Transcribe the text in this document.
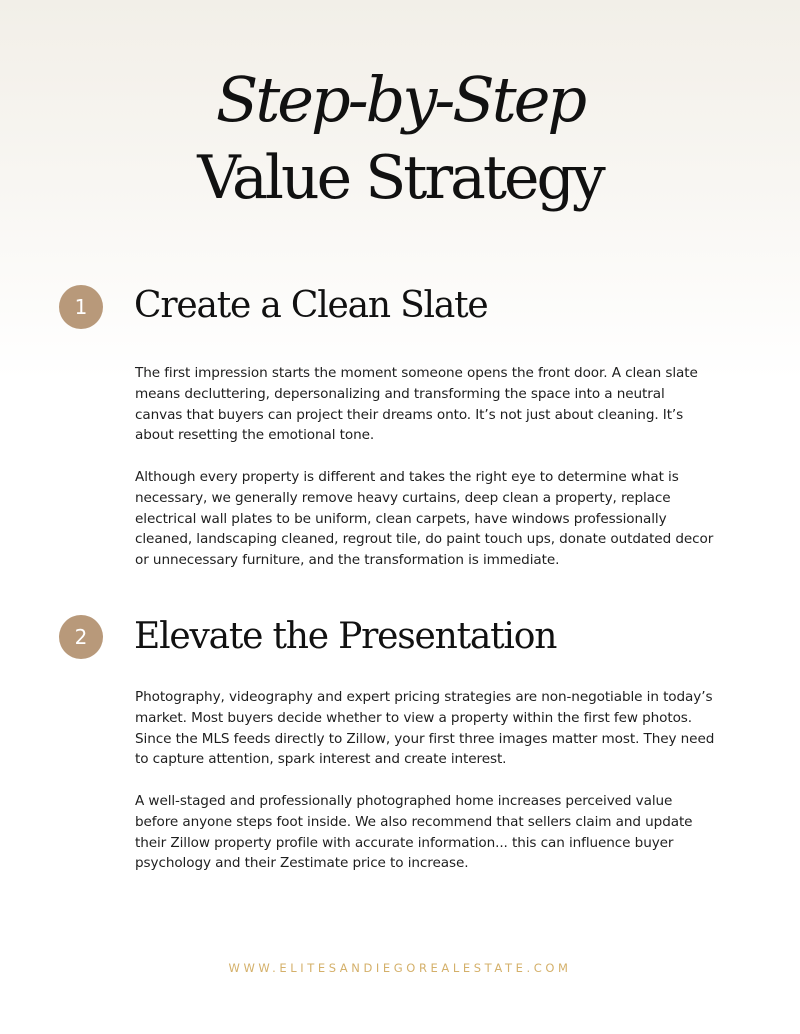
Step-by-Step
Value Strategy
1	Create a Clean Slate

The first impression starts the moment someone opens the front door. A clean slate means decluttering, depersonalizing and transforming the space into a neutral canvas that buyers can project their dreams onto. It’s not just about cleaning. It’s about resetting the emotional tone.

Although every property is different and takes the right eye to determine what is necessary, we generally remove heavy curtains, deep clean a property, replace electrical wall plates to be uniform, clean carpets, have windows professionally cleaned, landscaping cleaned, regrout tile, do paint touch ups, donate outdated decor or unnecessary furniture, and the transformation is immediate.

2	Elevate the Presentation

Photography, videography and expert pricing strategies are non-negotiable in today’s market. Most buyers decide whether to view a property within the first few photos. Since the MLS feeds directly to Zillow, your first three images matter most. They need to capture attention, spark interest and create interest.

A well-staged and professionally photographed home increases perceived value before anyone steps foot inside. We also recommend that sellers claim and update their Zillow property profile with accurate information... this can influence buyer psychology and their Zestimate price to increase.

WWW.ELITESANDIEGOREALESTATE.COM
